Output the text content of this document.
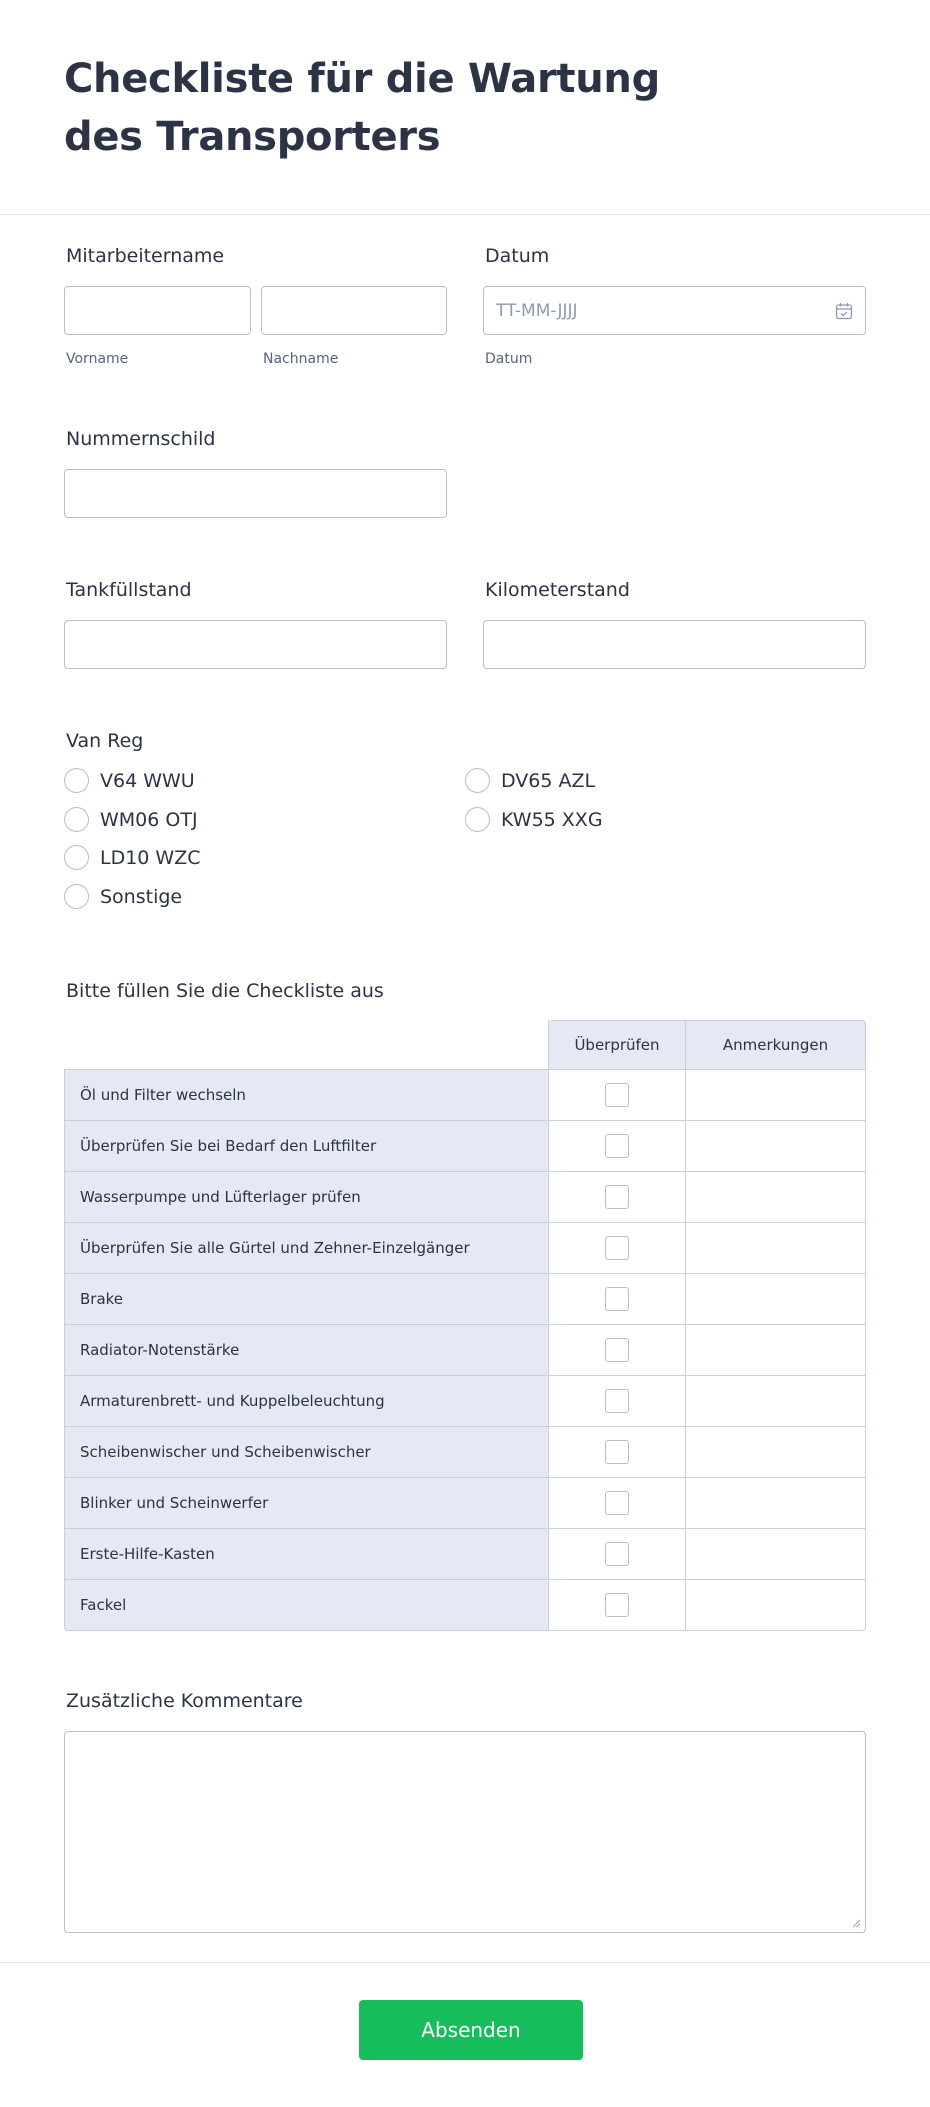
Checkliste für die Wartung des Transporters
Mitarbeitername
Vorname	Nachname
Datum
TT-MM-JJJJ
Datum
Nummernschild
Tankfüllstand	Kilometerstand
Van Reg
V64 WWU	DV65 AZL
WM06 OTJ	KW55 XXG
LD10 WZC
Sonstige
Bitte füllen Sie die Checkliste aus
	Überprüfen	Anmerkungen
Öl und Filter wechseln		
Überprüfen Sie bei Bedarf den Luftfilter		
Wasserpumpe und Lüfterlager prüfen		
Überprüfen Sie alle Gürtel und Zehner-Einzelgänger		
Brake		
Radiator-Notenstärke		
Armaturenbrett- und Kuppelbeleuchtung		
Scheibenwischer und Scheibenwischer		
Blinker und Scheinwerfer		
Erste-Hilfe-Kasten		
Fackel		
Zusätzliche Kommentare
Absenden
